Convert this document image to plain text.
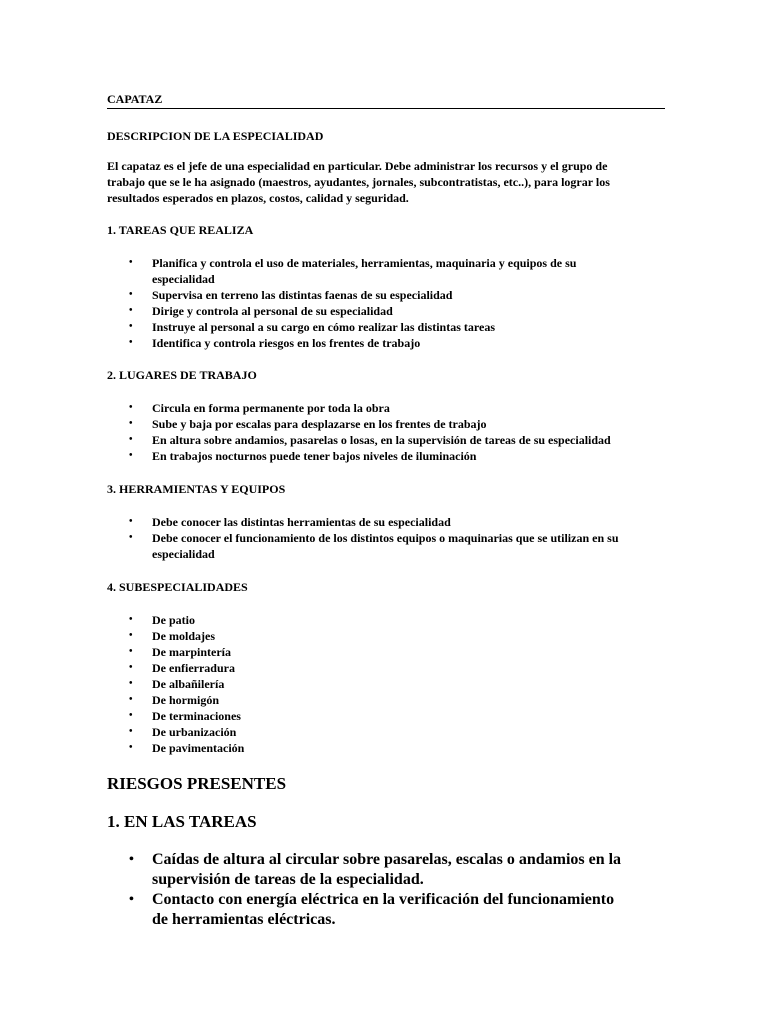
CAPATAZ
DESCRIPCION DE LA ESPECIALIDAD
El capataz es el jefe de una especialidad en particular. Debe administrar los recursos y el grupo de
trabajo que se le ha asignado (maestros, ayudantes, jornales, subcontratistas, etc..), para lograr los
resultados esperados en plazos, costos, calidad y seguridad.
1. TAREAS QUE REALIZA
• Planifica y controla el uso de materiales, herramientas, maquinaria y equipos de su
especialidad
• Supervisa en terreno las distintas faenas de su especialidad
• Dirige y controla al personal de su especialidad
• Instruye al personal a su cargo en cómo realizar las distintas tareas
• Identifica y controla riesgos en los frentes de trabajo
2. LUGARES DE TRABAJO
• Circula en forma permanente por toda la obra
• Sube y baja por escalas para desplazarse en los frentes de trabajo
• En altura sobre andamios, pasarelas o losas, en la supervisión de tareas de su especialidad
• En trabajos nocturnos puede tener bajos niveles de iluminación
3. HERRAMIENTAS Y EQUIPOS
• Debe conocer las distintas herramientas de su especialidad
• Debe conocer el funcionamiento de los distintos equipos o maquinarias que se utilizan en su
especialidad
4. SUBESPECIALIDADES
• De patio
• De moldajes
• De marpintería
• De enfierradura
• De albañilería
• De hormigón
• De terminaciones
• De urbanización
• De pavimentación
RIESGOS PRESENTES
1. EN LAS TAREAS
• Caídas de altura al circular sobre pasarelas, escalas o andamios en la
supervisión de tareas de la especialidad.
• Contacto con energía eléctrica en la verificación del funcionamiento
de herramientas eléctricas.
